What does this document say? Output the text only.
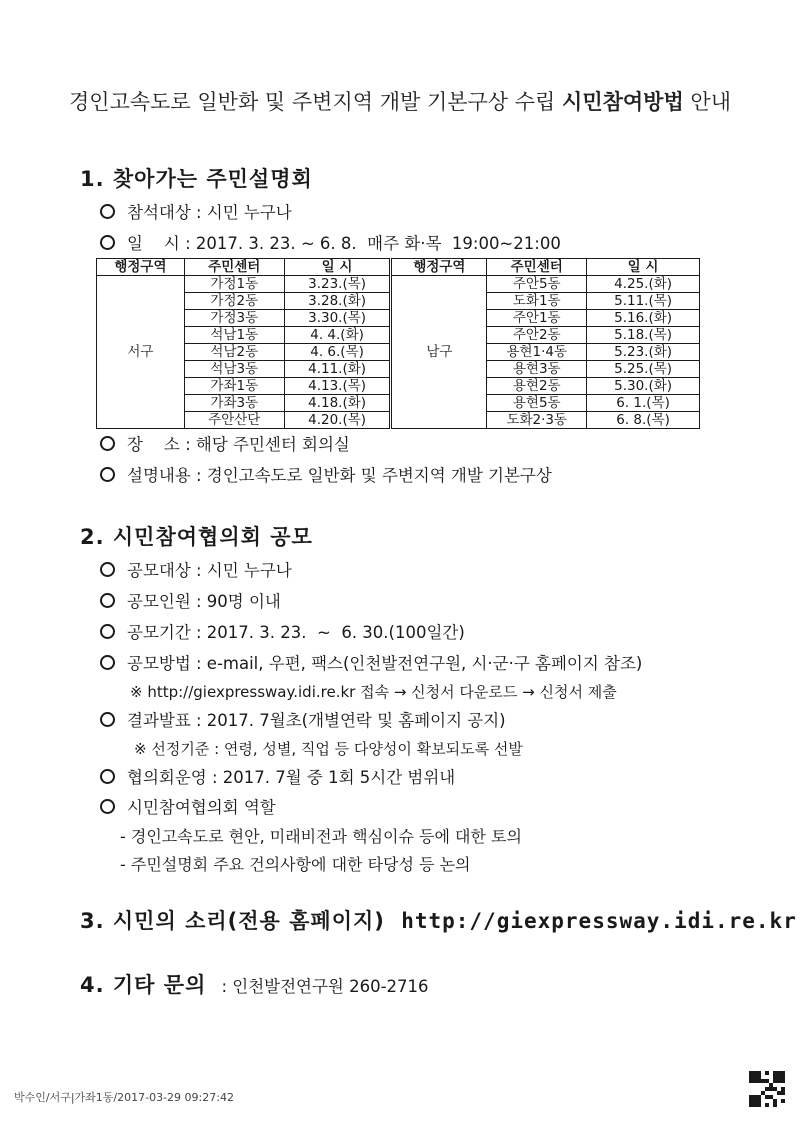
경인고속도로 일반화 및 주변지역 개발 기본구상 수립 시민참여방법 안내
1. 찾아가는 주민설명회
참석대상 : 시민 누구나
일    시 : 2017. 3. 23. ~ 6. 8.  매주 화·목  19:00~21:00
행정구역	주민센터	일 시	행정구역	주민센터	일 시
서구	가정1동	3.23.(목)	남구	주안5동	4.25.(화)
	가정2동	3.28.(화)		도화1동	5.11.(목)
	가정3동	3.30.(목)		주안1동	5.16.(화)
	석남1동	4. 4.(화)		주안2동	5.18.(목)
	석남2동	4. 6.(목)		용현1·4동	5.23.(화)
	석남3동	4.11.(화)		용현3동	5.25.(목)
	가좌1동	4.13.(목)		용현2동	5.30.(화)
	가좌3동	4.18.(화)		용현5동	6. 1.(목)
	주안산단	4.20.(목)		도화2·3동	6. 8.(목)
장    소 : 해당 주민센터 회의실
설명내용 : 경인고속도로 일반화 및 주변지역 개발 기본구상
2. 시민참여협의회 공모
공모대상 : 시민 누구나
공모인원 : 90명 이내
공모기간 : 2017. 3. 23.  ~  6. 30.(100일간)
공모방법 : e-mail, 우편, 팩스(인천발전연구원, 시·군·구 홈페이지 참조)
※ http://giexpressway.idi.re.kr 접속 → 신청서 다운로드 → 신청서 제출
결과발표 : 2017. 7월초(개별연락 및 홈페이지 공지)
※ 선정기준 : 연령, 성별, 직업 등 다양성이 확보되도록 선발
협의회운영 : 2017. 7월 중 1회 5시간 범위내
시민참여협의회 역할
- 경인고속도로 현안, 미래비전과 핵심이슈 등에 대한 토의
- 주민설명회 주요 건의사항에 대한 타당성 등 논의
3. 시민의 소리(전용 홈페이지) http://giexpressway.idi.re.kr
4. 기타 문의 : 인천발전연구원 260-2716
박수인/서구|가좌1동/2017-03-29 09:27:42
